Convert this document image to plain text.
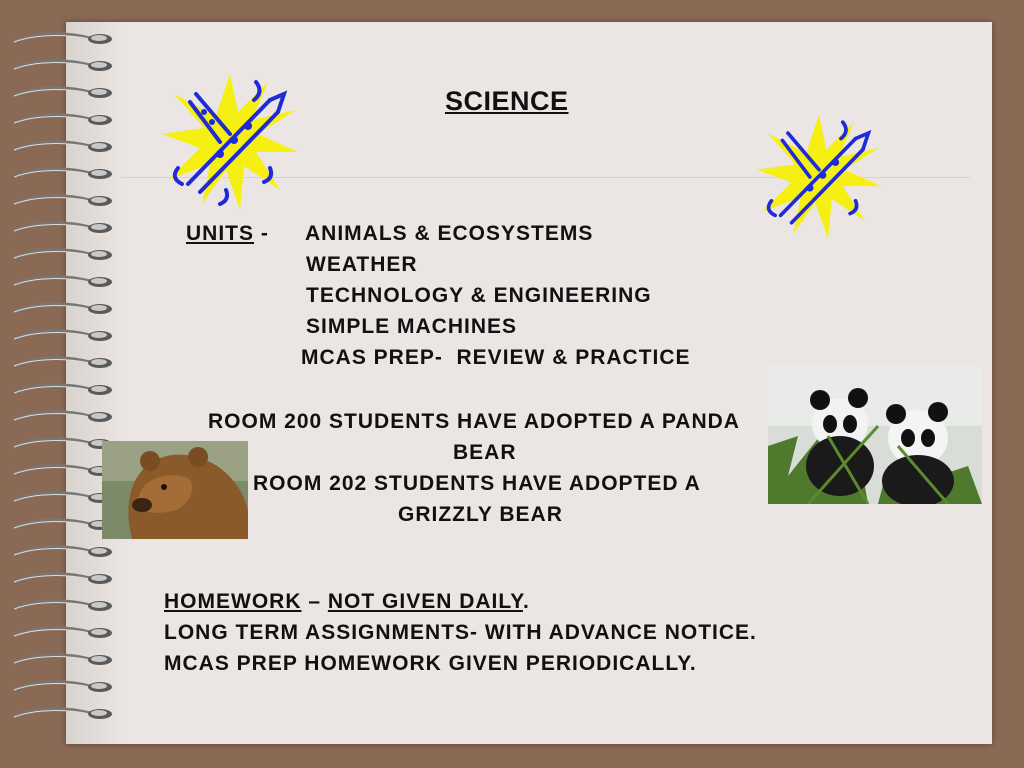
SCIENCE
UNITS - ANIMALS & ECOSYSTEMS
WEATHER
TECHNOLOGY & ENGINEERING
SIMPLE MACHINES
MCAS PREP-  REVIEW & PRACTICE
ROOM 200 STUDENTS HAVE ADOPTED A PANDA
BEAR
ROOM 202 STUDENTS HAVE ADOPTED A
GRIZZLY BEAR
HOMEWORK – NOT GIVEN DAILY.
LONG TERM ASSIGNMENTS- WITH ADVANCE NOTICE.
MCAS PREP HOMEWORK GIVEN PERIODICALLY.
